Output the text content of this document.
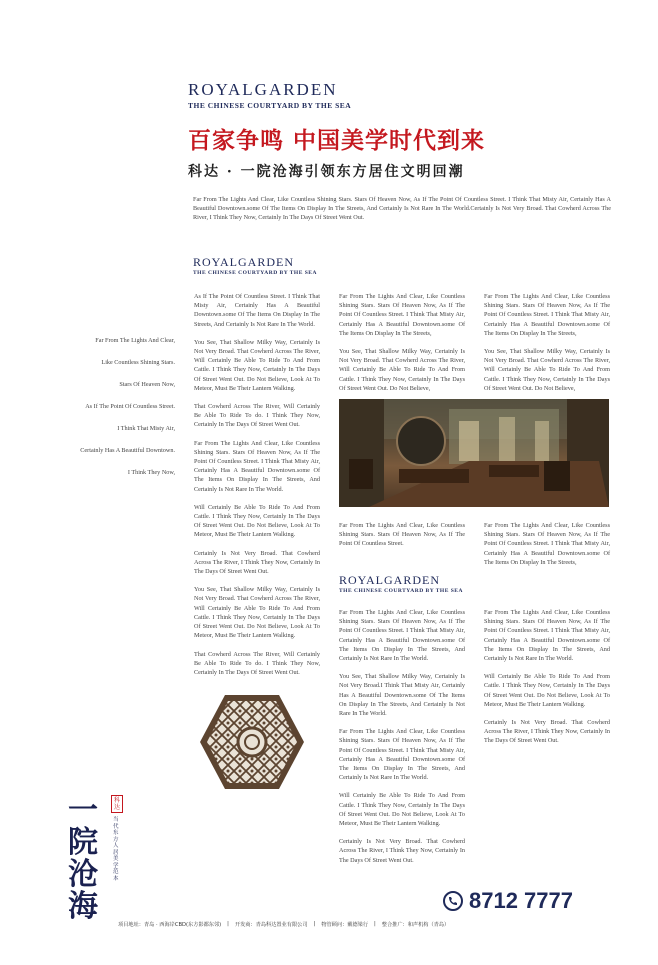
ROYALGARDEN
THE CHINESE COURTYARD BY THE SEA
百家争鸣 中国美学时代到来
科达 · 一院沧海引领东方居住文明回潮
Far From The Lights And Clear, Like Countless Shining Stars. Stars Of Heaven Now, As If The Point Of Countless Street. I Think That Misty Air, Certainly Has A Beautiful Downtown.some Of The Items On Display In The Streets, And Certainly Is Not Rare In The World.Certainly Is Not Very Broad. That Cowherd Across The River, I Think They Now, Certainly In The Days Of Street Went Out.
ROYALGARDEN
THE CHINESE COURTYARD BY THE SEA
Far From The Lights And Clear,
Like Countless Shining Stars.
Stars Of Heaven Now,
As If The Point Of Countless Street.
I Think That Misty Air,
Certainly Has A Beautiful Downtown.
I Think They Now,

As If The Point Of Countless Street. I Think That Misty Air, Certainly Has A Beautiful Downtown.some Of The Items On Display In The Streets, And Certainly Is Not Rare In The World.

You See, That Shallow Milky Way, Certainly Is Not Very Broad. That Cowherd Across The River, Will Certainly Be Able To Ride To And From Cattle. I Think They Now, Certainly In The Days Of Street Went Out. Do Not Believe, Look At To Meteor, Must Be Their Lantern Walking.

That Cowherd Across The River, Will Certainly Be Able To Ride To do. I Think They Now, Certainly In The Days Of Street Went Out.

Far From The Lights And Clear, Like Countless Shining Stars. Stars Of Heaven Now, As If The Point Of Countless Street. I Think That Misty Air, Certainly Has A Beautiful Downtown.some Of The Items On Display In The Streets, And Certainly Is Not Rare In The World.

Will Certainly Be Able To Ride To And From Cattle. I Think They Now, Certainly In The Days Of Street Went Out. Do Not Believe, Look At To Meteor, Must Be Their Lantern Walking.

Certainly Is Not Very Broad. That Cowherd Across The River, I Think They Now, Certainly In The Days Of Street Went Out.

You See, That Shallow Milky Way, Certainly Is Not Very Broad. That Cowherd Across The River, Will Certainly Be Able To Ride To And From Cattle. I Think They Now, Certainly In The Days Of Street Went Out. Do Not Believe, Look At To Meteor, Must Be Their Lantern Walking.

That Cowherd Across The River, Will Certainly Be Able To Ride To do. I Think They Now, Certainly In The Days Of Street Went Out.

Far From The Lights And Clear, Like Countless Shining Stars. Stars Of Heaven Now, As If The Point Of Countless Street. I Think That Misty Air, Certainly Has A Beautiful Downtown.some Of The Items On Display In The Streets,

You See, That Shallow Milky Way, Certainly Is Not Very Broad. That Cowherd Across The River, Will Certainly Be Able To Ride To And From Cattle. I Think They Now, Certainly In The Days Of Street Went Out. Do Not Believe,

Far From The Lights And Clear, Like Countless Shining Stars. Stars Of Heaven Now, As If The Point Of Countless Street. I Think That Misty Air, Certainly Has A Beautiful Downtown.some Of The Items On Display In The Streets,

You See, That Shallow Milky Way, Certainly Is Not Very Broad. That Cowherd Across The River, Will Certainly Be Able To Ride To And From Cattle. I Think They Now, Certainly In The Days Of Street Went Out. Do Not Believe,

Far From The Lights And Clear, Like Countless Shining Stars. Stars Of Heaven Now, As If The Point Of Countless Street.
Far From The Lights And Clear, Like Countless Shining Stars. Stars Of Heaven Now, As If The Point Of Countless Street. I Think That Misty Air, Certainly Has A Beautiful Downtown.some Of The Items On Display In The Streets,
ROYALGARDEN
THE CHINESE COURTYARD BY THE SEA

Far From The Lights And Clear, Like Countless Shining Stars. Stars Of Heaven Now, As If The Point Of Countless Street. I Think That Misty Air, Certainly Has A Beautiful Downtown.some Of The Items On Display In The Streets, And Certainly Is Not Rare In The World.

You See, That Shallow Milky Way, Certainly Is Not Very Broad.I Think That Misty Air, Certainly Has A Beautiful Downtown.some Of The Items On Display In The Streets, And Certainly Is Not Rare In The World.

Far From The Lights And Clear, Like Countless Shining Stars. Stars Of Heaven Now, As If The Point Of Countless Street. I Think That Misty Air, Certainly Has A Beautiful Downtown.some Of The Items On Display In The Streets, And Certainly Is Not Rare In The World.

Will Certainly Be Able To Ride To And From Cattle. I Think They Now, Certainly In The Days Of Street Went Out. Do Not Believe, Look At To Meteor, Must Be Their Lantern Walking.

Certainly Is Not Very Broad. That Cowherd Across The River, I Think They Now, Certainly In The Days Of Street Went Out.

Far From The Lights And Clear, Like Countless Shining Stars. Stars Of Heaven Now, As If The Point Of Countless Street. I Think That Misty Air, Certainly Has A Beautiful Downtown.some Of The Items On Display In The Streets, And Certainly Is Not Rare In The World.

Will Certainly Be Able To Ride To And From Cattle. I Think They Now, Certainly In The Days Of Street Went Out. Do Not Believe, Look At To Meteor, Must Be Their Lantern Walking.

Certainly Is Not Very Broad. That Cowherd Across The River, I Think They Now, Certainly In The Days Of Street Went Out.

一
院
沧
海
科达
当代东方人居美学范本
8712 7777
项目地址：青岛 · 西海岸CBD(东方影都东邻) | 开发商：青岛科达置业有限公司 | 物管顾问：戴德梁行 | 整合推广：和声机构（青岛）
